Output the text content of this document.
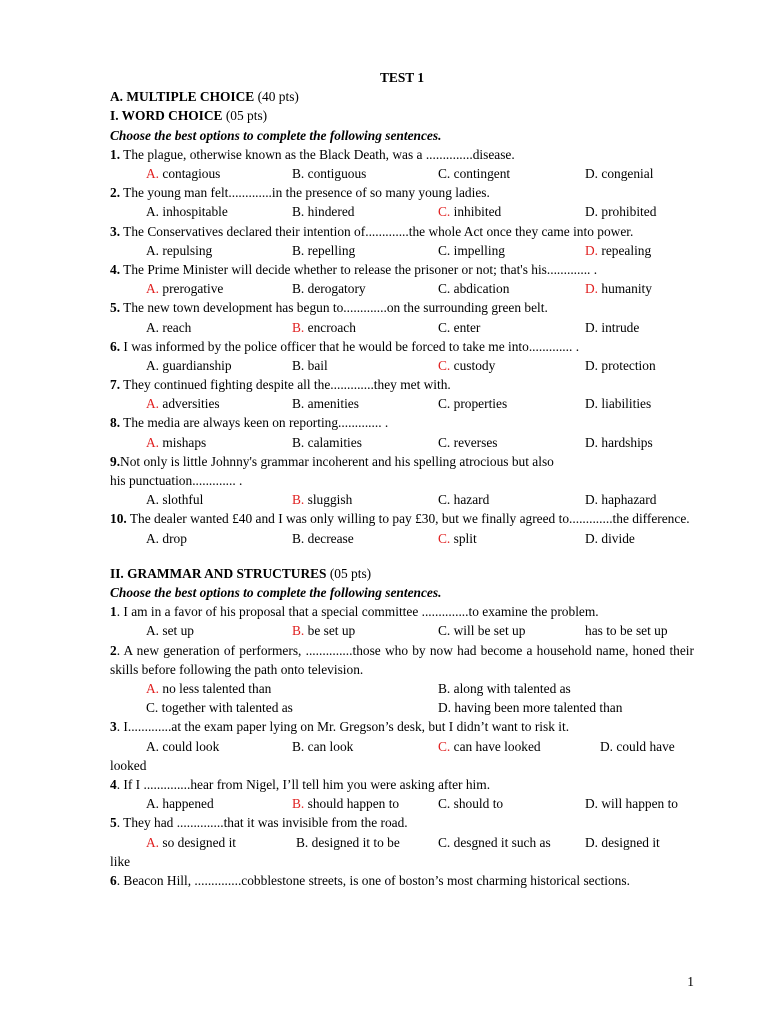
TEST 1
A. MULTIPLE CHOICE (40 pts)
I. WORD CHOICE (05 pts)
Choose the best options to complete the following sentences.
1. The plague, otherwise known as the Black Death, was a ..............disease.
A. contagious	B. contiguous	C. contingent	D. congenial
2. The young man felt.............in the presence of so many young ladies.
A. inhospitable	B. hindered	C. inhibited	D. prohibited
3. The Conservatives declared their intention of.............the whole Act once they came into power.
A. repulsing	B. repelling	C. impelling	D. repealing
4. The Prime Minister will decide whether to release the prisoner or not; that's his............. .
A. prerogative	B. derogatory	C. abdication	D. humanity
5. The new town development has begun to.............on the surrounding green belt.
A. reach	B. encroach	C. enter	D. intrude
6. I was informed by the police officer that he would be forced to take me into............. .
A. guardianship	B. bail	C. custody	D. protection
7. They continued fighting despite all the.............they met with.
A. adversities	B. amenities	C. properties	D. liabilities
8. The media are always keen on reporting............. .
A. mishaps	B. calamities	C. reverses	D. hardships
9.Not only is little Johnny's grammar incoherent and his spelling atrocious but also
his punctuation............. .
A. slothful	B. sluggish	C. hazard	D. haphazard
10. The dealer wanted £40 and I was only willing to pay £30, but we finally agreed to.............the difference.
A. drop	B. decrease	C. split	D. divide
II. GRAMMAR AND STRUCTURES (05 pts)
Choose the best options to complete the following sentences.
1. I am in a favor of his proposal that a special committee ..............to examine the problem.
A. set up	B. be set up	C. will be set up	has to be set up
2. A new generation of performers, ..............those who by now had become a household name, honed their skills before following the path onto television.
A. no less talented than	B. along with talented as
C. together with talented as	D. having been more talented than
3. I.............at the exam paper lying on Mr. Gregson’s desk, but I didn’t want to risk it.
A. could look	B. can look	C. can have looked	D. could have
looked
4. If I ..............hear from Nigel, I’ll tell him you were asking after him.
A. happened	B. should happen to	C. should to	D. will happen to
5. They had ..............that it was invisible from the road.
A. so designed it	B. designed it to be	C. desgned it such as	D. designed it
like
6. Beacon Hill, ..............cobblestone streets, is one of boston’s most charming historical sections.
1
